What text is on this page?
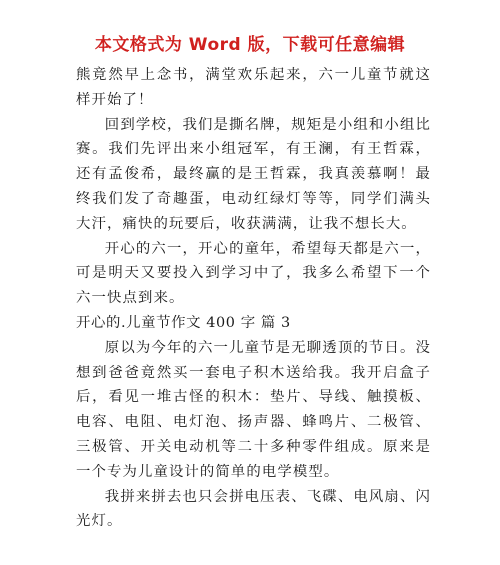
本文格式为 Word 版，下载可任意编辑

熊竟然早上念书，满堂欢乐起来，六一儿童节就这样开始了！

回到学校，我们是撕名牌，规矩是小组和小组比赛。我们先评出来小组冠军，有王澜，有王哲霖，还有孟俊希，最终赢的是王哲霖，我真羡慕啊！最终我们发了奇趣蛋，电动红绿灯等等，同学们满头大汗，痛快的玩要后，收获满满，让我不想长大。

开心的六一，开心的童年，希望每天都是六一，可是明天又要投入到学习中了，我多么希望下一个六一快点到来。

开心的.儿童节作文 400 字 篇 3

原以为今年的六一儿童节是无聊透顶的节日。没想到爸爸竟然买一套电子积木送给我。我开启盒子后，看见一堆古怪的积木：垫片、导线、触摸板、电容、电阻、电灯泡、扬声器、蜂鸣片、二极管、三极管、开关电动机等二十多种零件组成。原来是一个专为儿童设计的简单的电学模型。

我拼来拼去也只会拼电压表、飞碟、电风扇、闪光灯。
